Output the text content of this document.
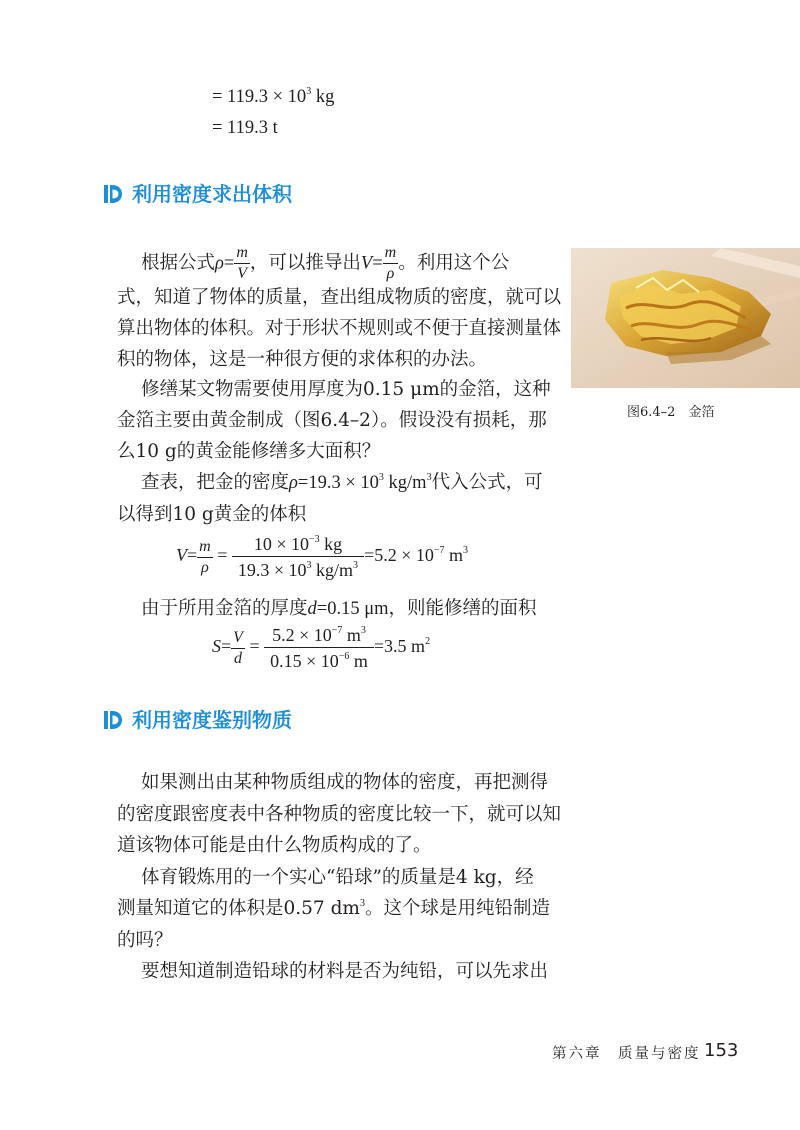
= $119.3 \times 10^3$ kg
= 119.3 t
利用密度求出体积
根据公式$\rho= \frac{m}{V}$ ，可以推导出$V= \frac{m}{\rho}$ 。利用这个公
式，知道了物体的质量，查出组成物质的密度，就可以
算出物体的体积。对于形状不规则或不便于直接测量体
积的物体，这是一种很方便的求体积的办法。
修缮某文物需要使用厚度为0.15 μm的金箔，这种
金箔主要由黄金制成（图6.4–2）。假设没有损耗，那
么10 g的黄金能修缮多大面积？
查表，把金的密度$\rho=19.3 \times 10^3$ $kg/m^3$代入公式，可
以得到10 g黄金的体积
$V= \frac{m}{\rho} = \frac{10 \times 10^{-3} kg}{19.3 \times 10^3 kg/m^3} =5.2 \times 10^{-7}$ $m^3$
由于所用金箔的厚度d=0.15 μm，则能修缮的面积
$S= \frac{V}{d} = \frac{5.2 \times 10^{-7} m^3}{0.15 \times 10^{-6} m} =3.5$ $m^2$
图6.4–2　金箔
利用密度鉴别物质
如果测出由某种物质组成的物体的密度，再把测得
的密度跟密度表中各种物质的密度比较一下，就可以知
道该物体可能是由什么物质构成的了。
体育锻炼用的一个实心“铅球”的质量是4 kg，经
测量知道它的体积是0.57 $dm^3$。这个球是用纯铅制造
的吗？
要想知道制造铅球的材料是否为纯铅，可以先求出
第六章　质量与密度 153
